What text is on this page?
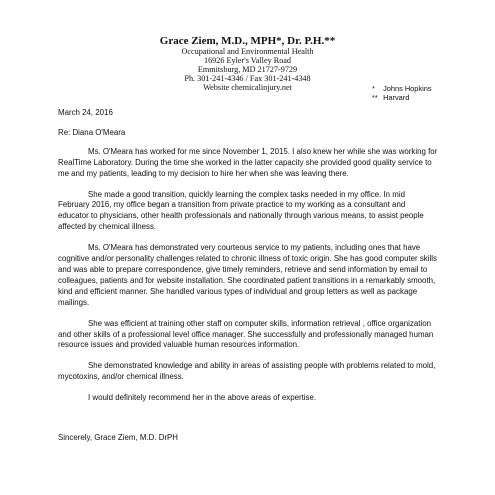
Grace Ziem, M.D., MPH*, Dr. P.H.**
Occupational and Environmental Health
16926 Eyler's Valley Road
Emmitsburg, MD 21727-9729
Ph. 301-241-4346 / Fax 301-241-4348
Website chemicalinjury.net	* Johns Hopkins
** Harvard

March 24, 2016

Re: Diana O'Meara

Ms. O'Meara has worked for me since November 1, 2015. I also knew her while she was working for RealTime Laboratory. During the time she worked in the latter capacity she provided good quality service to me and my patients, leading to my decision to hire her when she was leaving there.

She made a good transition, quickly learning the complex tasks needed in my office. In mid February 2016, my office began a transition from private practice to my working as a consultant and educator to physicians, other health professionals and nationally through various means, to assist people affected by chemical illness.

Ms. O'Meara has demonstrated very courteous service to my patients, including ones that have cognitive and/or personality challenges related to chronic illness of toxic origin. She has good computer skills and was able to prepare correspondence, give timely reminders, retrieve and send information by email to colleagues, patients and for website installation. She coordinated patient transitions in a remarkably smooth, kind and efficient manner. She handled various types of individual and group letters as well as package mailings.

She was efficient at training other staff on computer skills, information retrieval , office organization and other skills of a professional level office manager. She successfully and professionally managed human resource issues and provided valuable human resources information.

She demonstrated knowledge and ability in areas of assisting people with problems related to mold, mycotoxins, and/or chemical illness.

I would definitely recommend her in the above areas of expertise.

Sincerely, Grace Ziem, M.D. DrPH
